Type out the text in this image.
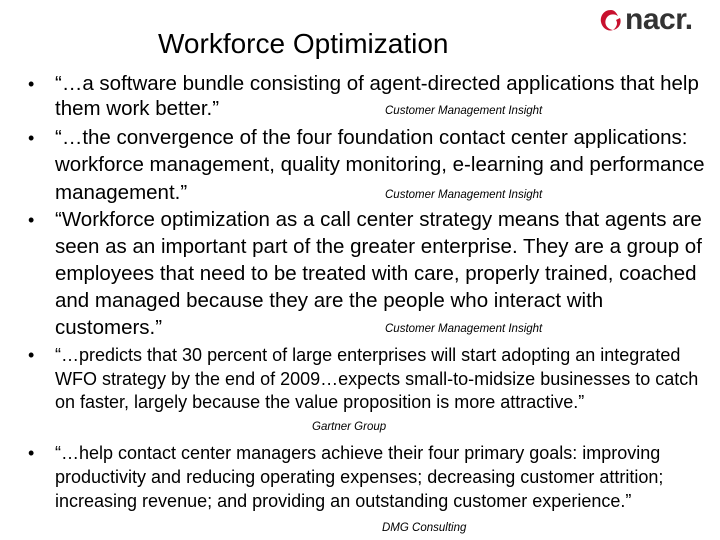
Workforce Optimization
nacr.
• “…a software bundle consisting of agent-directed applications that help
them work better.”	Customer Management Insight
• “…the convergence of the four foundation contact center applications:
workforce management, quality monitoring, e-learning and performance
management.”	Customer Management Insight
• “Workforce optimization as a call center strategy means that agents are
seen as an important part of the greater enterprise. They are a group of
employees that need to be treated with care, properly trained, coached
and managed because they are the people who interact with
customers.”	Customer Management Insight
• “…predicts that 30 percent of large enterprises will start adopting an integrated
WFO strategy by the end of 2009…expects small-to-midsize businesses to catch
on faster, largely because the value proposition is more attractive.”
Gartner Group
• “…help contact center managers achieve their four primary goals: improving
productivity and reducing operating expenses; decreasing customer attrition;
increasing revenue; and providing an outstanding customer experience.”
DMG Consulting
